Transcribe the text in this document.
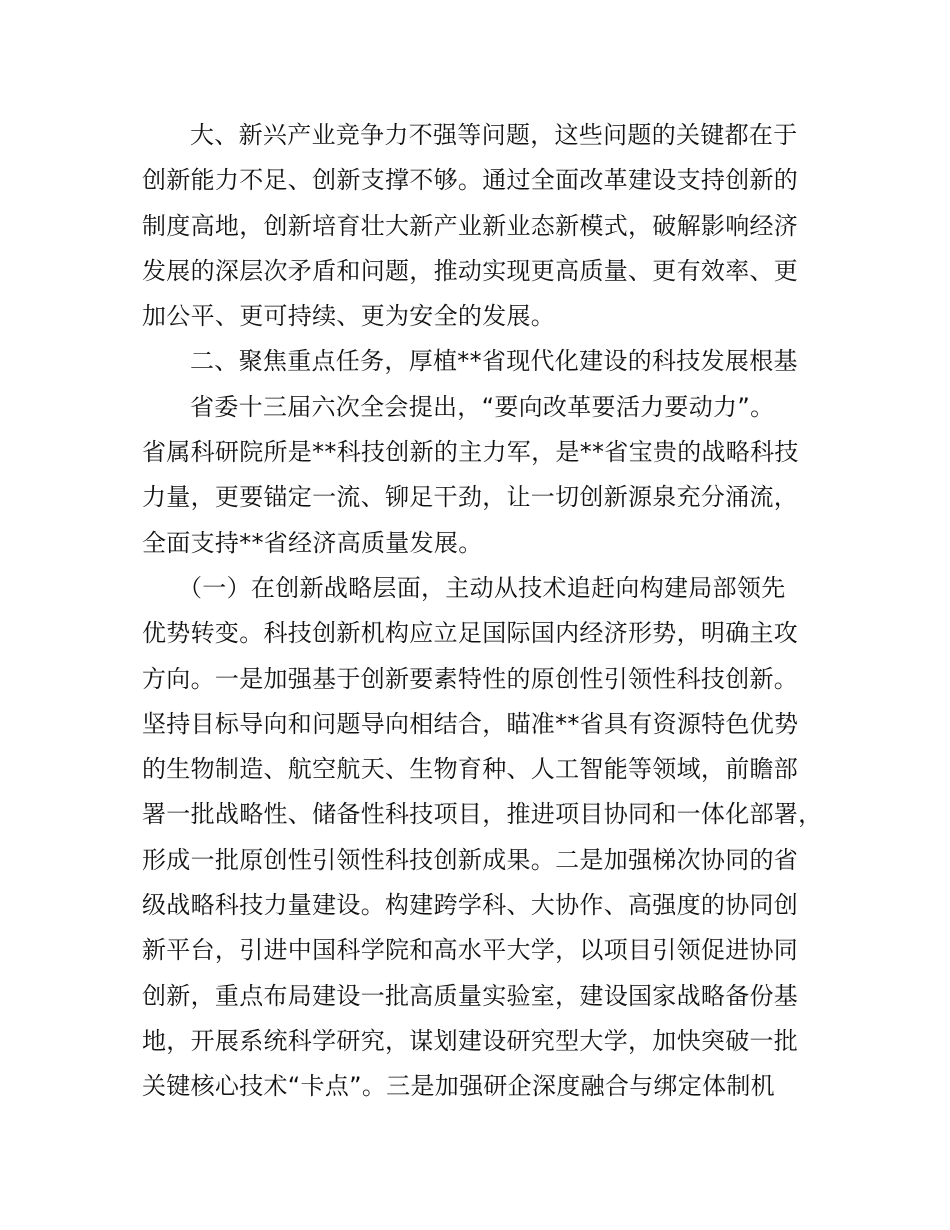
大、新兴产业竞争力不强等问题，这些问题的关键都在于
创新能力不足、创新支撑不够。通过全面改革建设支持创新的
制度高地，创新培育壮大新产业新业态新模式，破解影响经济
发展的深层次矛盾和问题，推动实现更高质量、更有效率、更
加公平、更可持续、更为安全的发展。
二、聚焦重点任务，厚植**省现代化建设的科技发展根基
省委十三届六次全会提出，“要向改革要活力要动力”。
省属科研院所是**科技创新的主力军，是**省宝贵的战略科技
力量，更要锚定一流、铆足干劲，让一切创新源泉充分涌流，
全面支持**省经济高质量发展。
（一）在创新战略层面，主动从技术追赶向构建局部领先
优势转变。科技创新机构应立足国际国内经济形势，明确主攻
方向。一是加强基于创新要素特性的原创性引领性科技创新。
坚持目标导向和问题导向相结合，瞄准**省具有资源特色优势
的生物制造、航空航天、生物育种、人工智能等领域，前瞻部
署一批战略性、储备性科技项目，推进项目协同和一体化部署，
形成一批原创性引领性科技创新成果。二是加强梯次协同的省
级战略科技力量建设。构建跨学科、大协作、高强度的协同创
新平台，引进中国科学院和高水平大学，以项目引领促进协同
创新，重点布局建设一批高质量实验室，建设国家战略备份基
地，开展系统科学研究，谋划建设研究型大学，加快突破一批
关键核心技术“卡点”。三是加强研企深度融合与绑定体制机
